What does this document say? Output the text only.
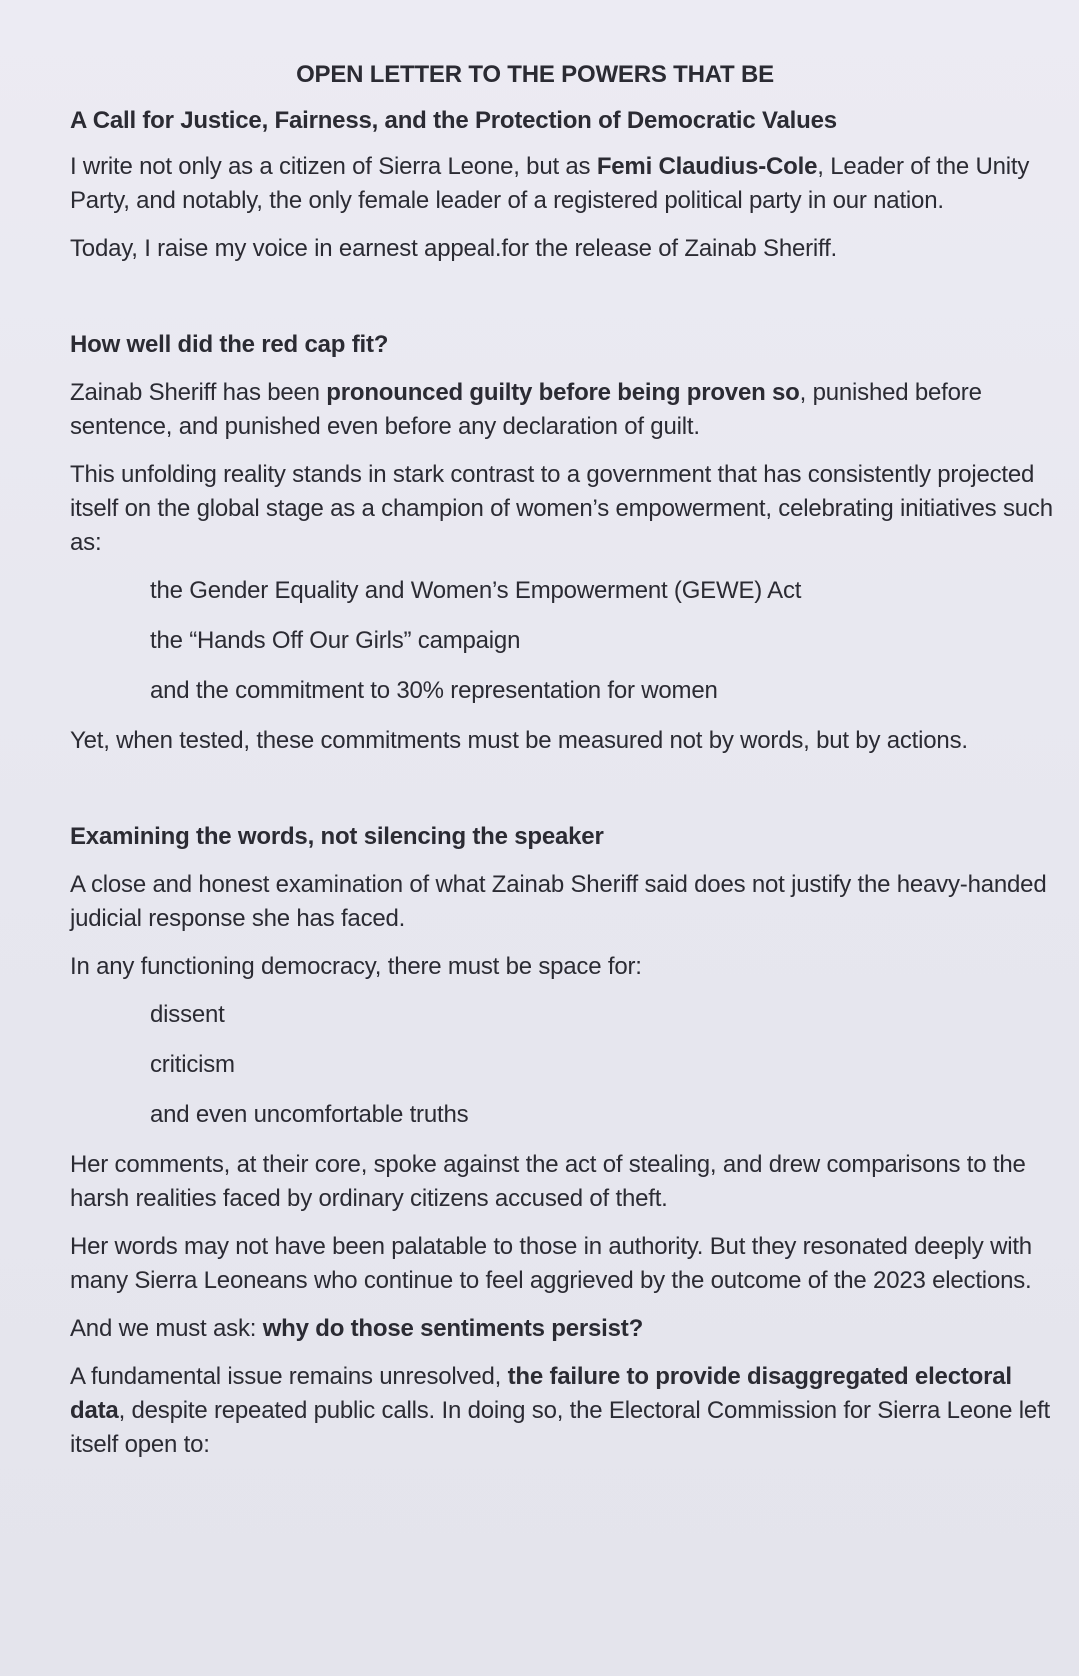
OPEN LETTER TO THE POWERS THAT BE
A Call for Justice, Fairness, and the Protection of Democratic Values

I write not only as a citizen of Sierra Leone, but as Femi Claudius-Cole, Leader of the Unity Party, and notably, the only female leader of a registered political party in our nation.

Today, I raise my voice in earnest appeal.for the release of Zainab Sheriff.

How well did the red cap fit?

Zainab Sheriff has been pronounced guilty before being proven so, punished before sentence, and punished even before any declaration of guilt.

This unfolding reality stands in stark contrast to a government that has consistently projected itself on the global stage as a champion of women’s empowerment, celebrating initiatives such as:

the Gender Equality and Women’s Empowerment (GEWE) Act
the “Hands Off Our Girls” campaign
and the commitment to 30% representation for women

Yet, when tested, these commitments must be measured not by words, but by actions.

Examining the words, not silencing the speaker

A close and honest examination of what Zainab Sheriff said does not justify the heavy-handed judicial response she has faced.

In any functioning democracy, there must be space for:

dissent
criticism
and even uncomfortable truths

Her comments, at their core, spoke against the act of stealing, and drew comparisons to the harsh realities faced by ordinary citizens accused of theft.

Her words may not have been palatable to those in authority. But they resonated deeply with many Sierra Leoneans who continue to feel aggrieved by the outcome of the 2023 elections.

And we must ask: why do those sentiments persist?

A fundamental issue remains unresolved, the failure to provide disaggregated electoral data, despite repeated public calls. In doing so, the Electoral Commission for Sierra Leone left itself open to:
